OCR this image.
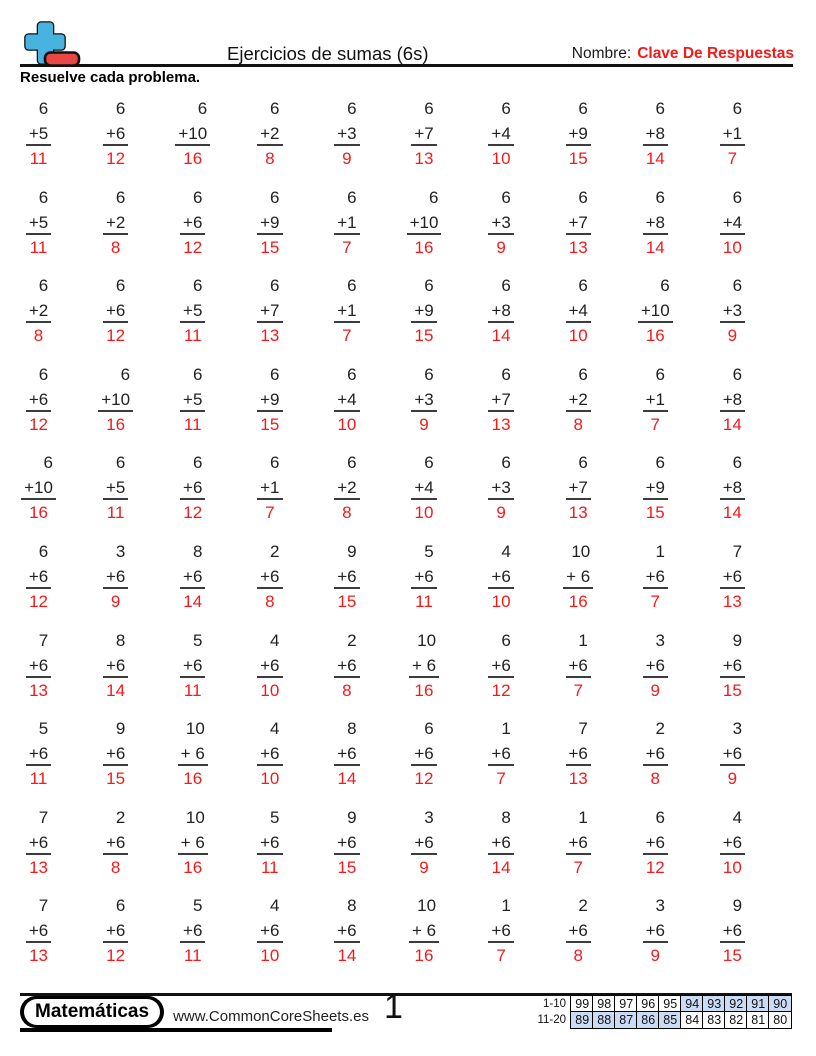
Ejercicios de sumas (6s)	Nombre: Clave De Respuestas
Resuelve cada problema.
6
+5
11
6
+6
12
6
+10
16
6
+2
8
6
+3
9
6
+7
13
6
+4
10
6
+9
15
6
+8
14
6
+1
7
6
+5
11
6
+2
8
6
+6
12
6
+9
15
6
+1
7
6
+10
16
6
+3
9
6
+7
13
6
+8
14
6
+4
10
6
+2
8
6
+6
12
6
+5
11
6
+7
13
6
+1
7
6
+9
15
6
+8
14
6
+4
10
6
+10
16
6
+3
9
6
+6
12
6
+10
16
6
+5
11
6
+9
15
6
+4
10
6
+3
9
6
+7
13
6
+2
8
6
+1
7
6
+8
14
6
+10
16
6
+5
11
6
+6
12
6
+1
7
6
+2
8
6
+4
10
6
+3
9
6
+7
13
6
+9
15
6
+8
14
6
+6
12
3
+6
9
8
+6
14
2
+6
8
9
+6
15
5
+6
11
4
+6
10
10
+ 6
16
1
+6
7
7
+6
13
7
+6
13
8
+6
14
5
+6
11
4
+6
10
2
+6
8
10
+ 6
16
6
+6
12
1
+6
7
3
+6
9
9
+6
15
5
+6
11
9
+6
15
10
+ 6
16
4
+6
10
8
+6
14
6
+6
12
1
+6
7
7
+6
13
2
+6
8
3
+6
9
7
+6
13
2
+6
8
10
+ 6
16
5
+6
11
9
+6
15
3
+6
9
8
+6
14
1
+6
7
6
+6
12
4
+6
10
7
+6
13
6
+6
12
5
+6
11
4
+6
10
8
+6
14
10
+ 6
16
1
+6
7
2
+6
8
3
+6
9
9
+6
15
Matemáticas	www.CommonCoreSheets.es 1	1-10 99 98 97 96 95 94 93 92 91 90
11-20 89 88 87 86 85 84 83 82 81 80
